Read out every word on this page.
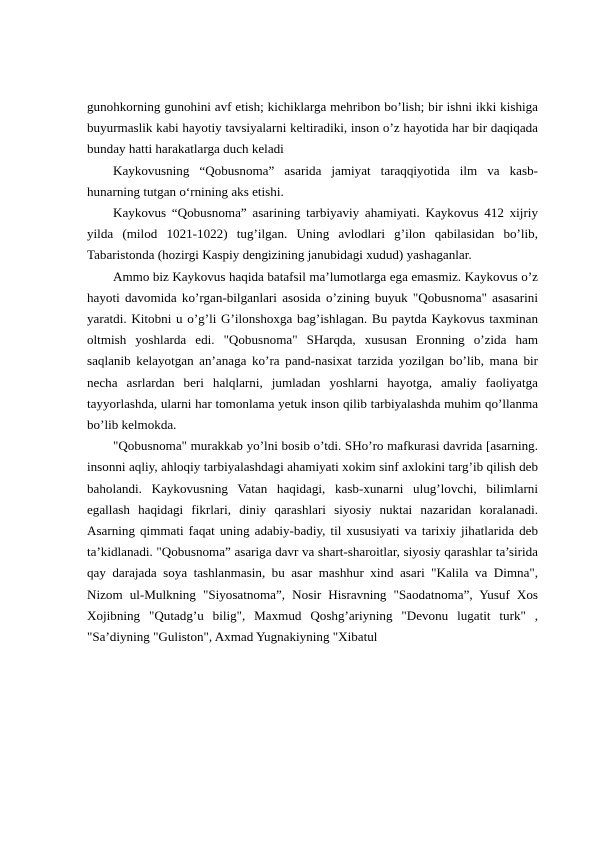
gunohkorning gunohini avf etish; kichiklarga mehribon bo’lish; bir ishni ikki kishiga buyurmaslik kabi hayotiy tavsiyalarni keltiradiki, inson o’z hayotida har bir daqiqada bunday hatti harakatlarga duch keladi

Kaykovusning “Qobusnoma” asarida jamiyat taraqqiyotida ilm va kasb-hunarning tutgan o‘rnining aks etishi.

Kaykovus “Qobusnoma” asarining tarbiyaviy ahamiyati. Kaykovus 412 xijriy yilda (milod 1021-1022) tug’ilgan. Uning avlodlari g’ilon qabilasidan bo’lib, Tabaristonda (hozirgi Kaspiy dengizining janubidagi xudud) yashaganlar.

Ammo biz Kaykovus haqida batafsil ma’lumotlarga ega emasmiz. Kaykovus o’z hayoti davomida ko’rgan-bilganlari asosida o’zining buyuk "Qobusnoma" asasarini yaratdi. Kitobni u o’g’li G’ilonshoxga bag’ishlagan. Bu paytda Kaykovus taxminan oltmish yoshlarda edi. "Qobusnoma" SHarqda, xususan Eronning o’zida ham saqlanib kelayotgan an’anaga ko’ra pand-nasixat tarzida yozilgan bo’lib, mana bir necha asrlardan beri halqlarni, jumladan yoshlarni hayotga, amaliy faoliyatga tayyorlashda, ularni har tomonlama yetuk inson qilib tarbiyalashda muhim qo’llanma bo’lib kelmokda.

"Qobusnoma" murakkab yo’lni bosib o’tdi. SHo’ro mafkurasi davrida [asarning. insonni aqliy, ahloqiy tarbiyalashdagi ahamiyati xokim sinf axlokini targ’ib qilish deb baholandi. Kaykovusning Vatan haqidagi, kasb-xunarni ulug’lovchi, bilimlarni egallash haqidagi fikrlari, diniy qarashlari siyosiy nuktai nazaridan koralanadi. Asarning qimmati faqat uning adabiy-badiy, til xususiyati va tarixiy jihatlarida deb ta’kidlanadi. "Qobusnoma” asariga davr va shart-sharoitlar, siyosiy qarashlar ta’sirida qay darajada soya tashlanmasin, bu asar mashhur xind asari "Kalila va Dimna", Nizom ul-Mulkning "Siyosatnoma”, Nosir Hisravning "Saodatnoma”, Yusuf Xos Xojibning "Qutadg’u bilig", Maxmud Qoshg’ariyning "Devonu lugatit turk" , "Sa’diyning "Guliston", Axmad Yugnakiyning "Xibatul
